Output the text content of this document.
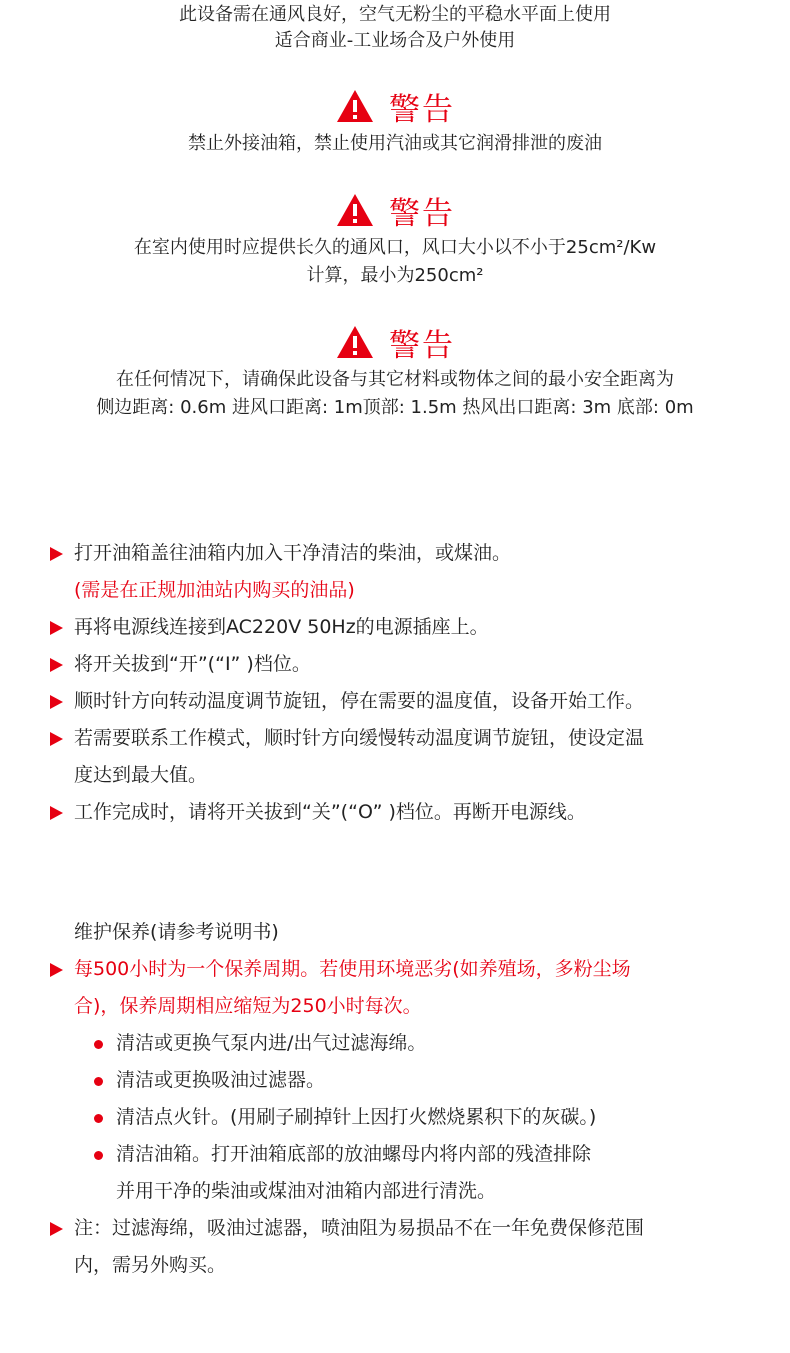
此设备需在通风良好，空气无粉尘的平稳水平面上使用
适合商业-工业场合及户外使用
警告
禁止外接油箱，禁止使用汽油或其它润滑排泄的废油
警告
在室内使用时应提供长久的通风口，风口大小以不小于25cm²/Kw
计算，最小为250cm²
警告
在任何情况下，请确保此设备与其它材料或物体之间的最小安全距离为
侧边距离: 0.6m 进风口距离: 1m顶部: 1.5m 热风出口距离: 3m 底部: 0m
打开油箱盖往油箱内加入干净清洁的柴油，或煤油。
(需是在正规加油站内购买的油品)
再将电源线连接到AC220V 50Hz的电源插座上。
将开关拔到“开”(“I” )档位。
顺时针方向转动温度调节旋钮，停在需要的温度值，设备开始工作。
若需要联系工作模式，顺时针方向缓慢转动温度调节旋钮，使设定温
度达到最大值。
工作完成时，请将开关拔到“关”(“O” )档位。再断开电源线。
维护保养(请参考说明书)
每500小时为一个保养周期。若使用环境恶劣(如养殖场，多粉尘场
合)，保养周期相应缩短为250小时每次。
清洁或更换气泵内进/出气过滤海绵。
清洁或更换吸油过滤器。
清洁点火针。(用刷子刷掉针上因打火燃烧累积下的灰碳。)
清洁油箱。打开油箱底部的放油螺母内将内部的残渣排除
并用干净的柴油或煤油对油箱内部进行清洗。
注：过滤海绵，吸油过滤器，喷油阻为易损品不在一年免费保修范围
内，需另外购买。
